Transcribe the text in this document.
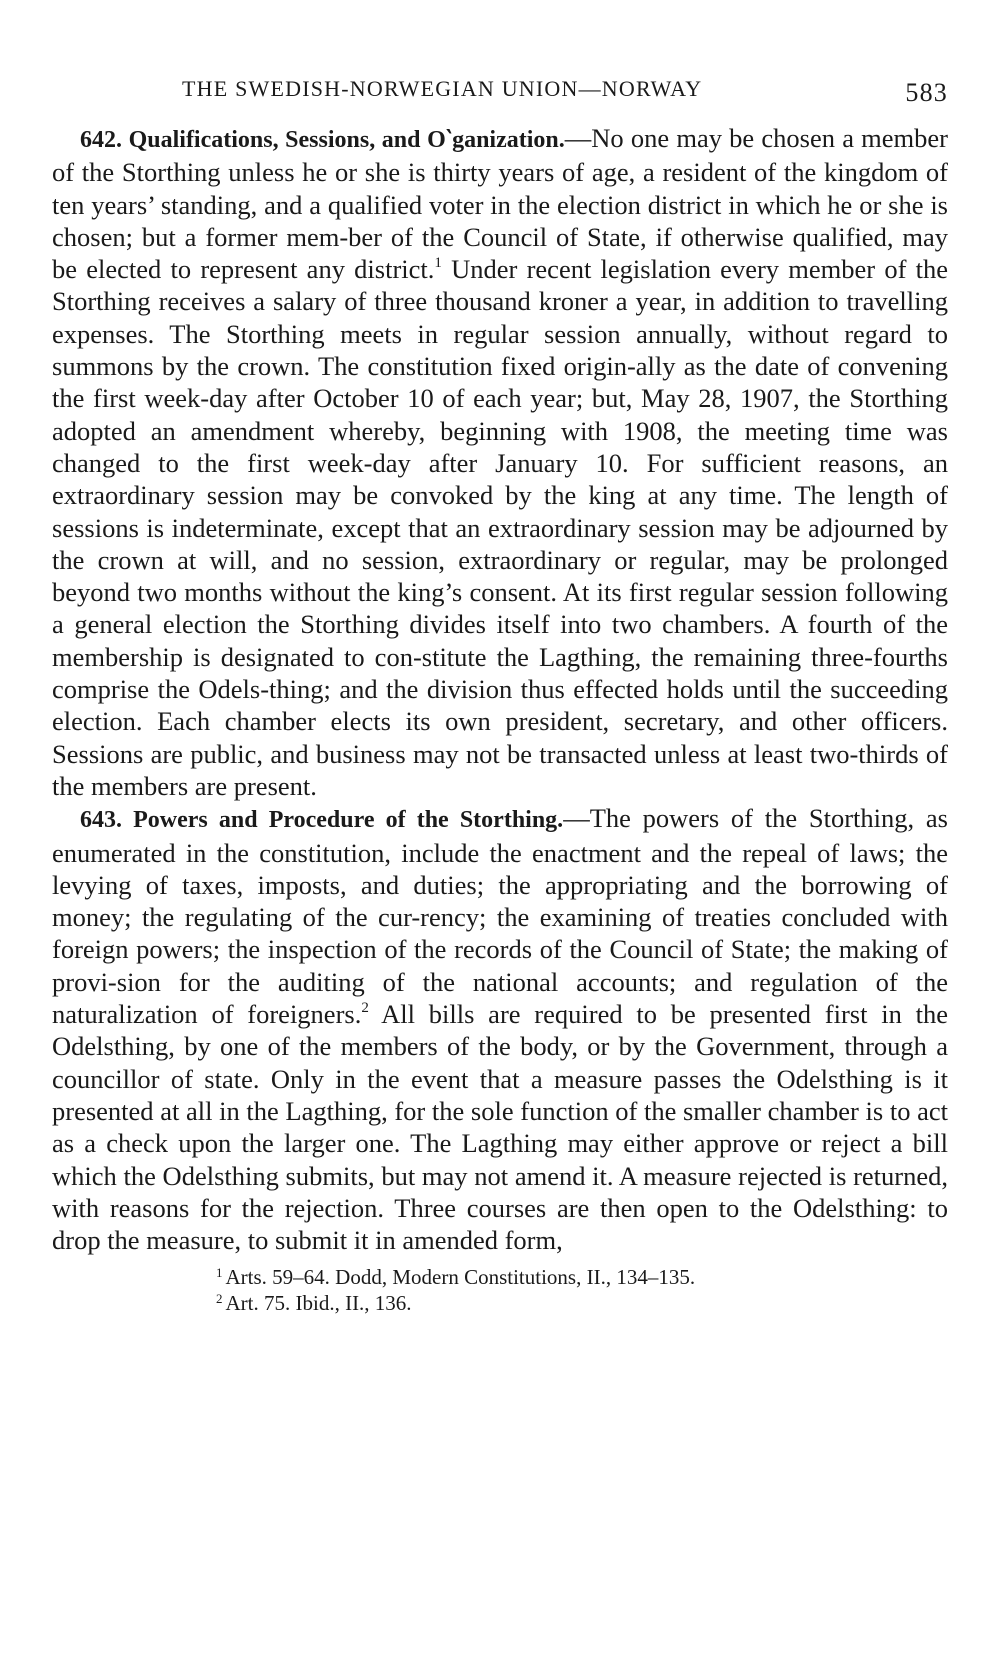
THE SWEDISH-NORWEGIAN UNION—NORWAY	583

642. Qualifications, Sessions, and O‵ganization.—No one may be chosen a member of the Storthing unless he or she is thirty years of age, a resident of the kingdom of ten years’ standing, and a qualified voter in the election district in which he or she is chosen; but a former mem-ber of the Council of State, if otherwise qualified, may be elected to represent any district.$^1$ Under recent legislation every member of the Storthing receives a salary of three thousand kroner a year, in addition to travelling expenses. The Storthing meets in regular session annually, without regard to summons by the crown. The constitution fixed origin-ally as the date of convening the first week-day after October 10 of each year; but, May 28, 1907, the Storthing adopted an amendment whereby, beginning with 1908, the meeting time was changed to the first week-day after January 10. For sufficient reasons, an extraordinary session may be convoked by the king at any time. The length of sessions is indeterminate, except that an extraordinary session may be adjourned by the crown at will, and no session, extraordinary or regular, may be prolonged beyond two months without the king’s consent. At its first regular session following a general election the Storthing divides itself into two chambers. A fourth of the membership is designated to con-stitute the Lagthing, the remaining three-fourths comprise the Odels-thing; and the division thus effected holds until the succeeding election. Each chamber elects its own president, secretary, and other officers. Sessions are public, and business may not be transacted unless at least two-thirds of the members are present.

643. Powers and Procedure of the Storthing.—The powers of the Storthing, as enumerated in the constitution, include the enactment and the repeal of laws; the levying of taxes, imposts, and duties; the appropriating and the borrowing of money; the regulating of the cur-rency; the examining of treaties concluded with foreign powers; the inspection of the records of the Council of State; the making of provi-sion for the auditing of the national accounts; and regulation of the naturalization of foreigners.$^2$ All bills are required to be presented first in the Odelsthing, by one of the members of the body, or by the Government, through a councillor of state. Only in the event that a measure passes the Odelsthing is it presented at all in the Lagthing, for the sole function of the smaller chamber is to act as a check upon the larger one. The Lagthing may either approve or reject a bill which the Odelsthing submits, but may not amend it. A measure rejected is returned, with reasons for the rejection. Three courses are then open to the Odelsthing: to drop the measure, to submit it in amended form,

$^1$ Arts. 59–64. Dodd, Modern Constitutions, II., 134–135.
$^2$ Art. 75. Ibid., II., 136.
